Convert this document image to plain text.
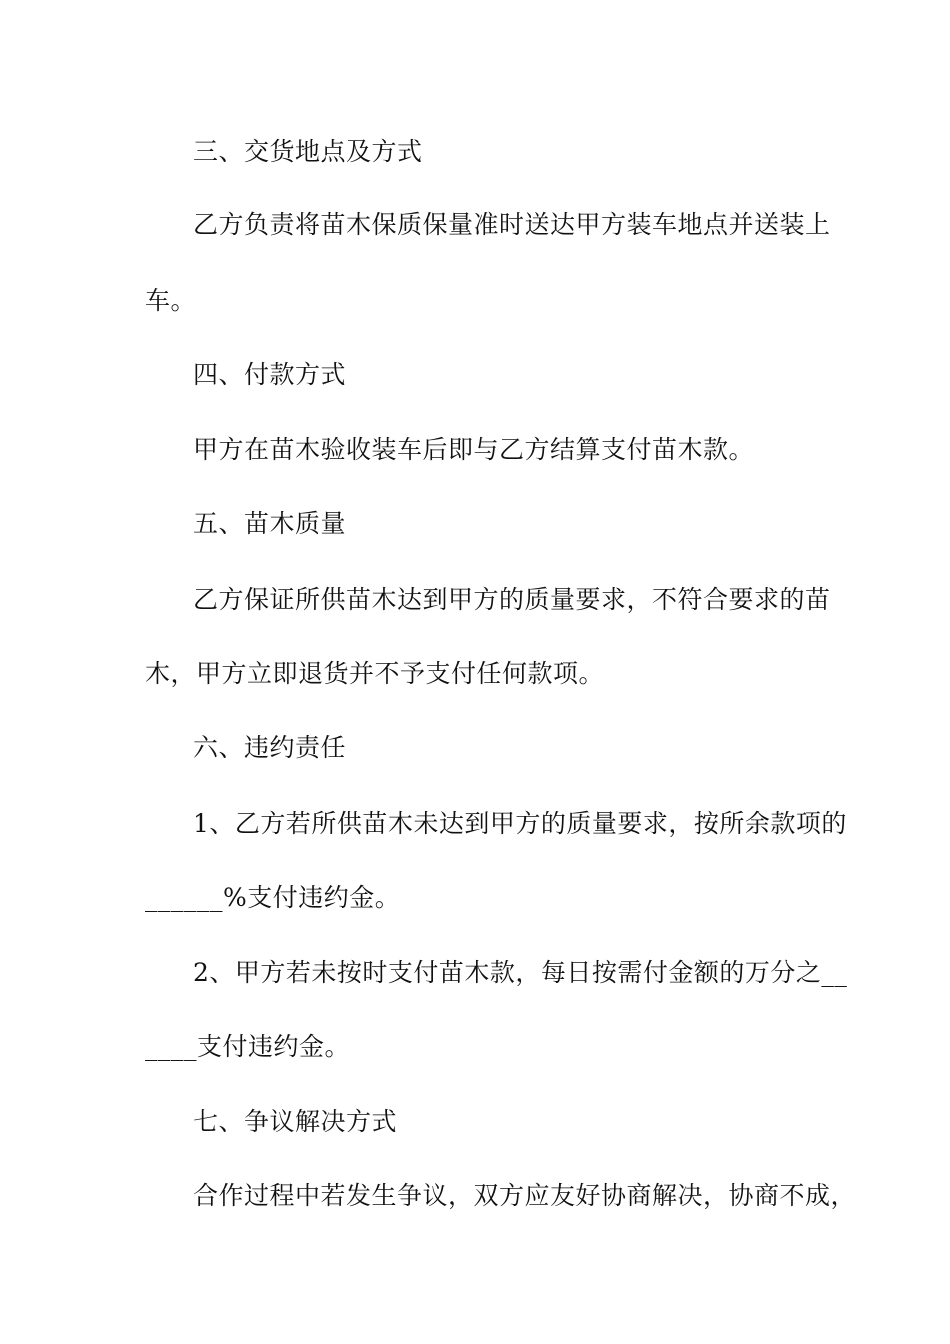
三、交货地点及方式
乙方负责将苗木保质保量准时送达甲方装车地点并送装上
车。
四、付款方式
甲方在苗木验收装车后即与乙方结算支付苗木款。
五、苗木质量
乙方保证所供苗木达到甲方的质量要求，不符合要求的苗
木，甲方立即退货并不予支付任何款项。
六、违约责任
1、乙方若所供苗木未达到甲方的质量要求，按所余款项的
______%支付违约金。
2、甲方若未按时支付苗木款，每日按需付金额的万分之__
____支付违约金。
七、争议解决方式
合作过程中若发生争议，双方应友好协商解决，协商不成，
